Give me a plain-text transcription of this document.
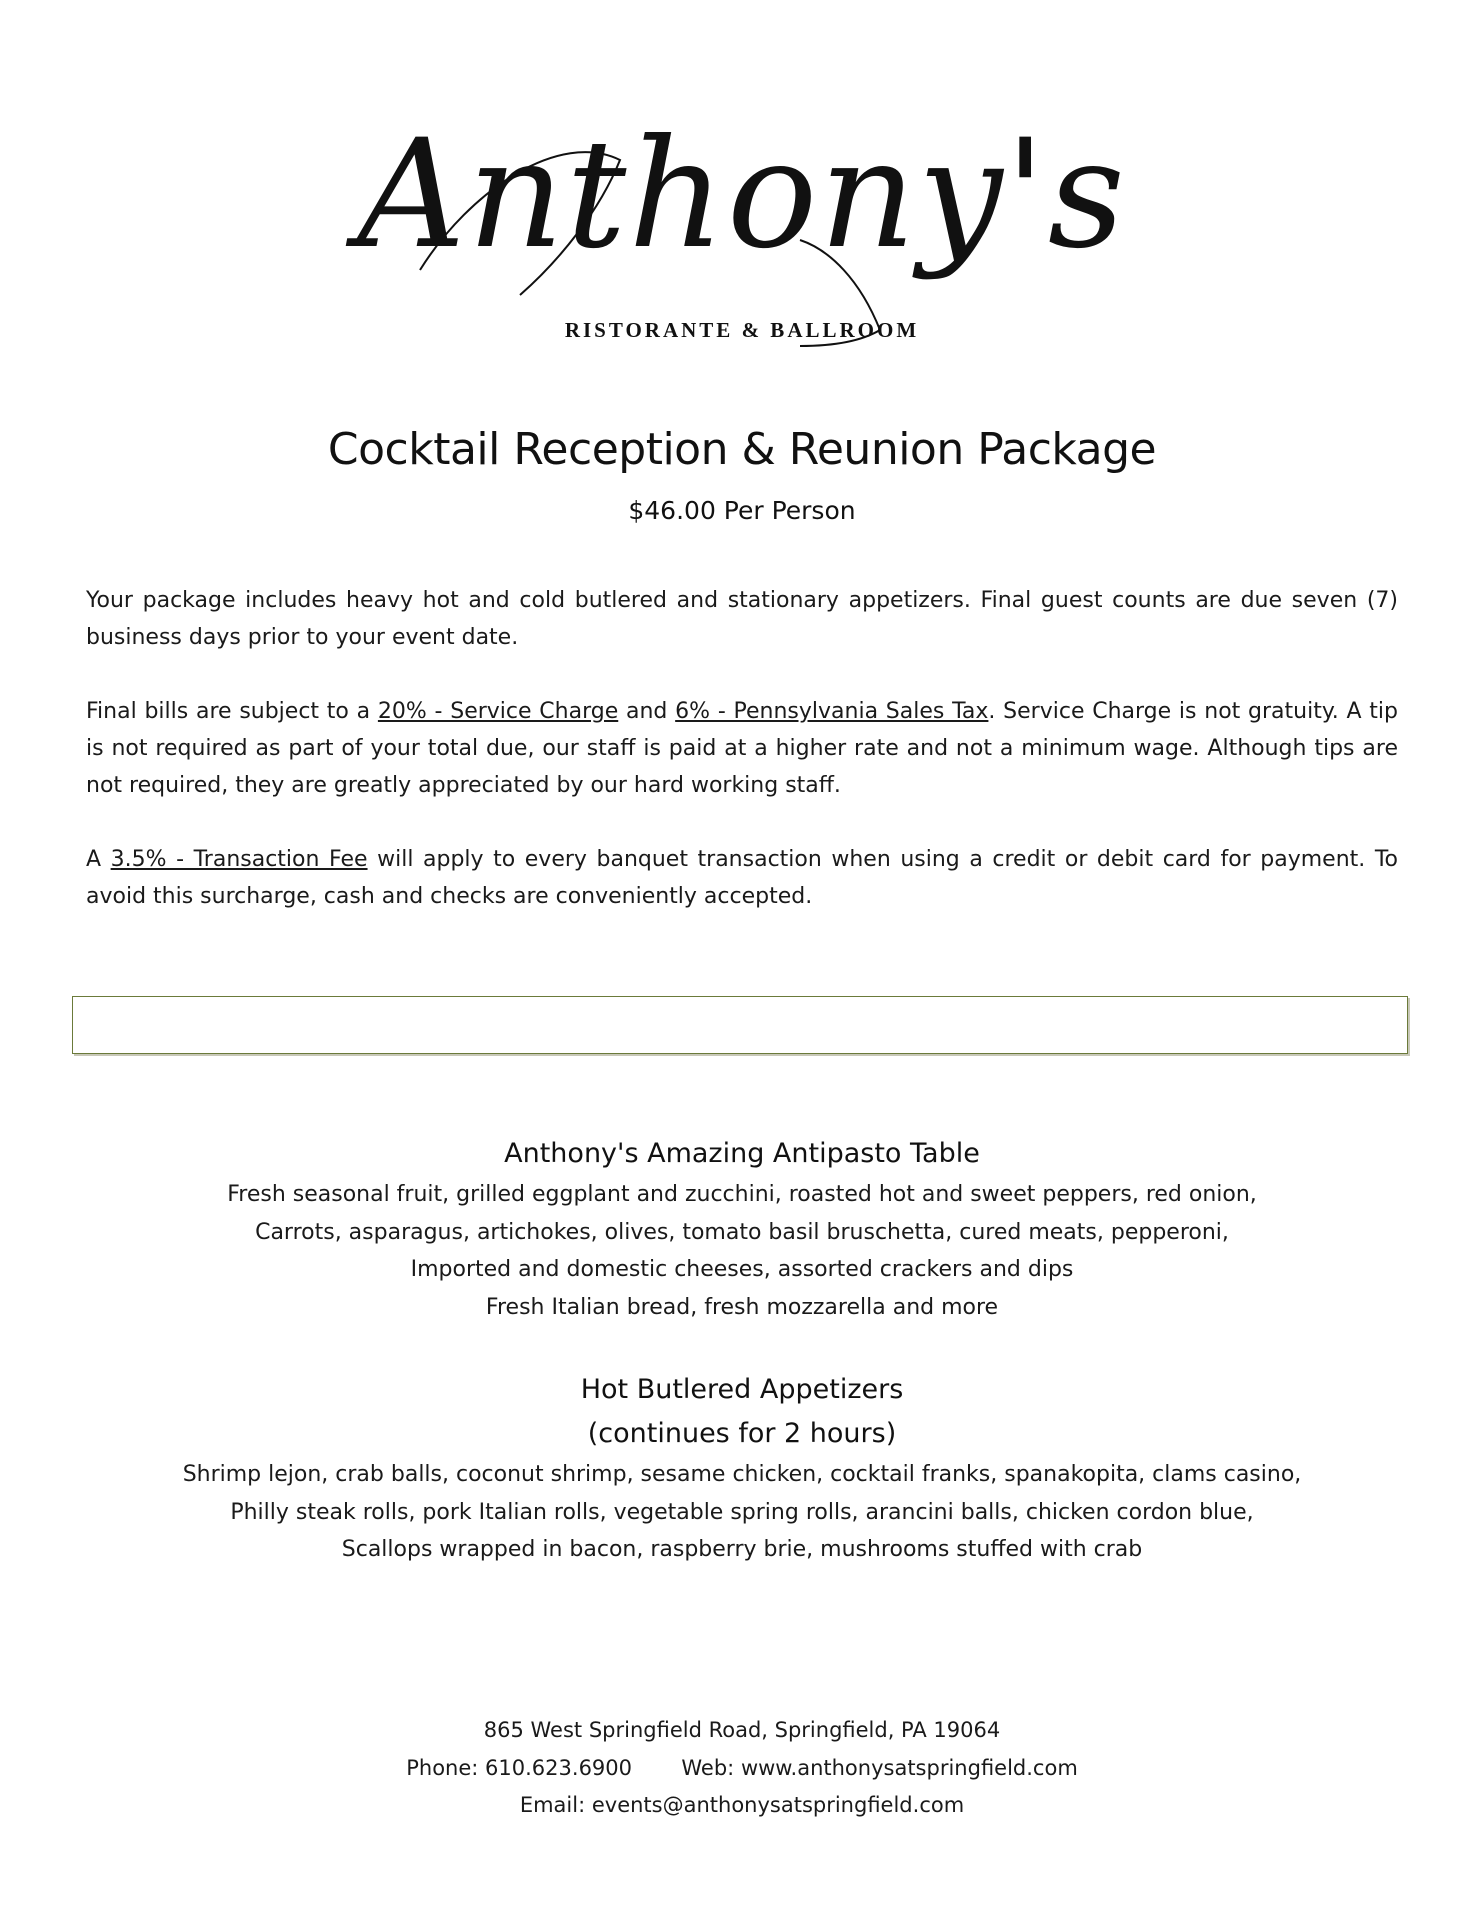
Anthony's
RISTORANTE & BALLROOM
Cocktail Reception & Reunion Package
$46.00 Per Person
Your package includes heavy hot and cold butlered and stationary appetizers. Final guest counts are due seven (7) business days prior to your event date.
Final bills are subject to a 20% - Service Charge and 6% - Pennsylvania Sales Tax. Service Charge is not gratuity. A tip is not required as part of your total due, our staff is paid at a higher rate and not a minimum wage. Although tips are not required, they are greatly appreciated by our hard working staff.
A 3.5% - Transaction Fee will apply to every banquet transaction when using a credit or debit card for payment. To avoid this surcharge, cash and checks are conveniently accepted.
Anthony's Amazing Antipasto Table
Fresh seasonal fruit, grilled eggplant and zucchini, roasted hot and sweet peppers, red onion,
Carrots, asparagus, artichokes, olives, tomato basil bruschetta, cured meats, pepperoni,
Imported and domestic cheeses, assorted crackers and dips
Fresh Italian bread, fresh mozzarella and more
Hot Butlered Appetizers
(continues for 2 hours)
Shrimp lejon, crab balls, coconut shrimp, sesame chicken, cocktail franks, spanakopita, clams casino,
Philly steak rolls, pork Italian rolls, vegetable spring rolls, arancini balls, chicken cordon blue,
Scallops wrapped in bacon, raspberry brie, mushrooms stuffed with crab
865 West Springfield Road, Springfield, PA 19064
Phone: 610.623.6900 Web: www.anthonysatspringfield.com
Email: events@anthonysatspringfield.com
